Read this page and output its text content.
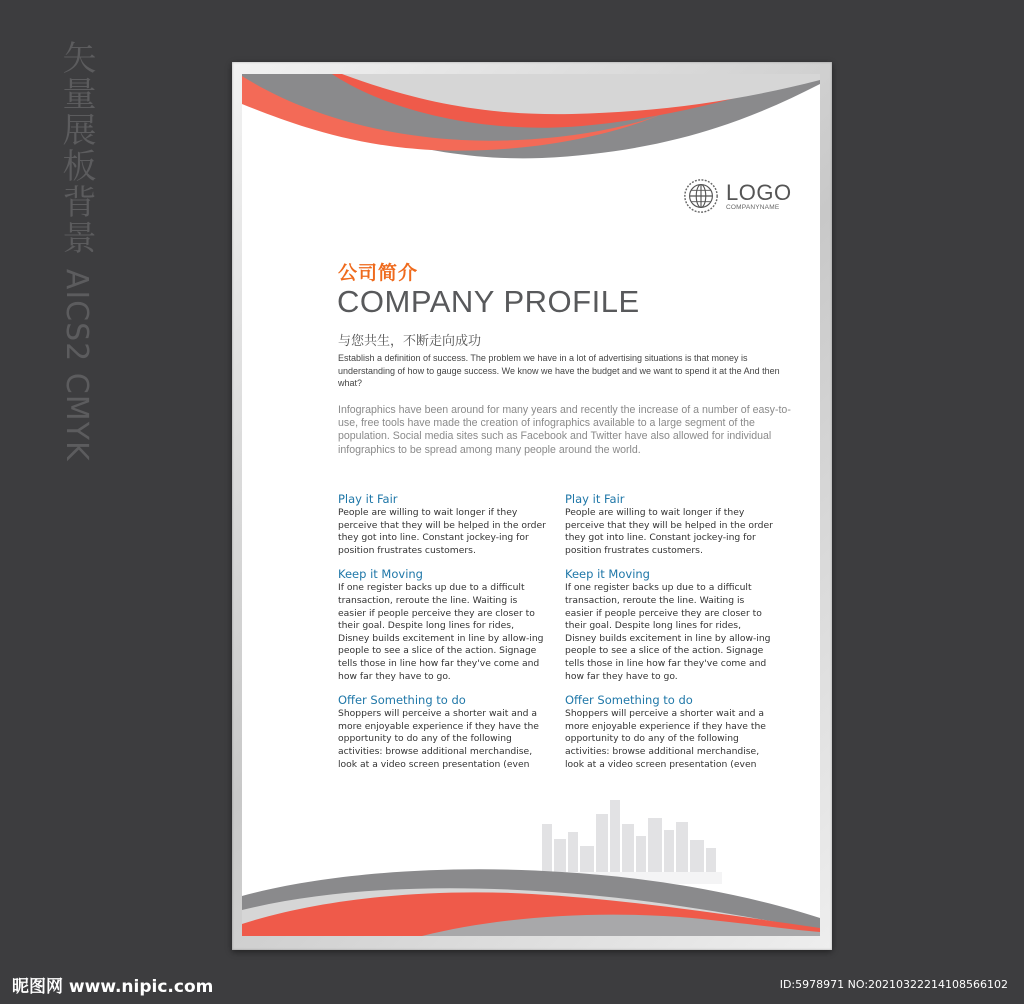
矢量展板背景 AICS2 CMYK
LOGO
COMPANYNAME
公司简介
COMPANY PROFILE
与您共生，不断走向成功
Establish a definition of success. The problem we have in a lot of advertising situations is that money is understanding of how to gauge success. We know we have the budget and we want to spend it at the And then what?
Infographics have been around for many years and recently the increase of a number of easy-to-use, free tools have made the creation of infographics available to a large segment of the population. Social media sites such as Facebook and Twitter have also allowed for individual infographics to be spread among many people around the world.
Play it Fair

People are willing to wait longer if they perceive that they will be helped in the order they got into line. Constant jockey-ing for position frustrates customers.

Keep it Moving

If one register backs up due to a difficult transaction, reroute the line. Waiting is easier if people perceive they are closer to their goal. Despite long lines for rides, Disney builds excitement in line by allow-ing people to see a slice of the action. Signage tells those in line how far they've come and how far they have to go.

Offer Something to do

Shoppers will perceive a shorter wait and a more enjoyable experience if they have the opportunity to do any of the following activities: browse additional merchandise, look at a video screen presentation (even

Play it Fair

People are willing to wait longer if they perceive that they will be helped in the order they got into line. Constant jockey-ing for position frustrates customers.

Keep it Moving

If one register backs up due to a difficult transaction, reroute the line. Waiting is easier if people perceive they are closer to their goal. Despite long lines for rides, Disney builds excitement in line by allow-ing people to see a slice of the action. Signage tells those in line how far they've come and how far they have to go.

Offer Something to do

Shoppers will perceive a shorter wait and a more enjoyable experience if they have the opportunity to do any of the following activities: browse additional merchandise, look at a video screen presentation (even

昵图网 www.nipic.com	ID:5978971 NO:20210322214108566102
